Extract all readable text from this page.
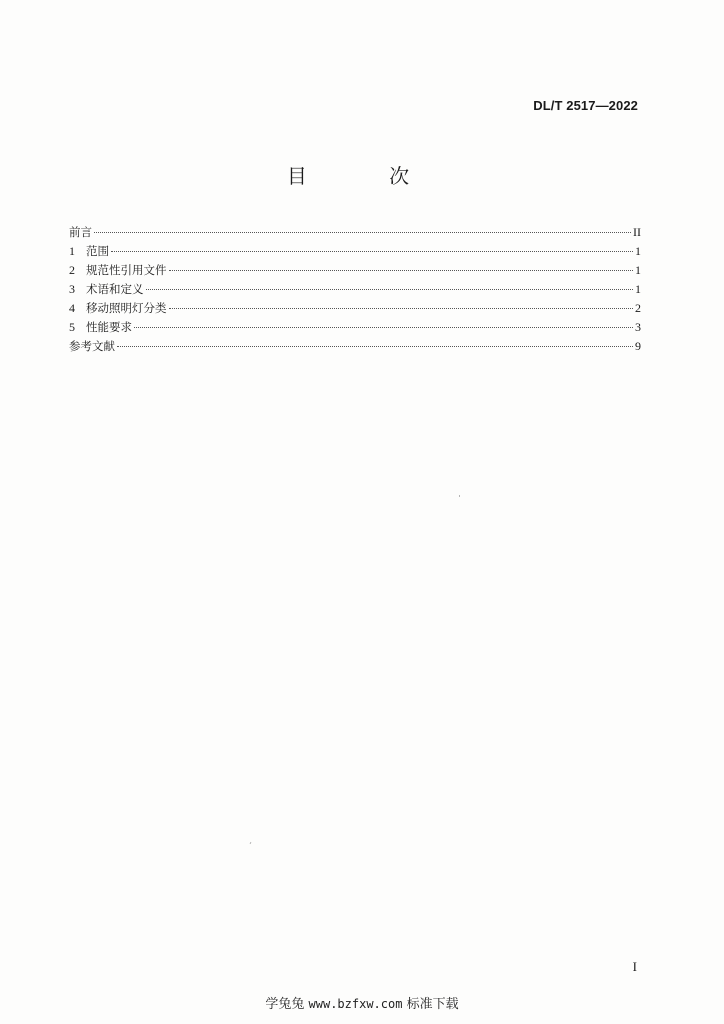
DL/T 2517—2022
目 次
前言	II
1 范围	1
2 规范性引用文件	1
3 术语和定义	1
4 移动照明灯分类	2
5 性能要求	3
参考文献	9
I
学兔兔 www.bzfxw.com 标准下载
